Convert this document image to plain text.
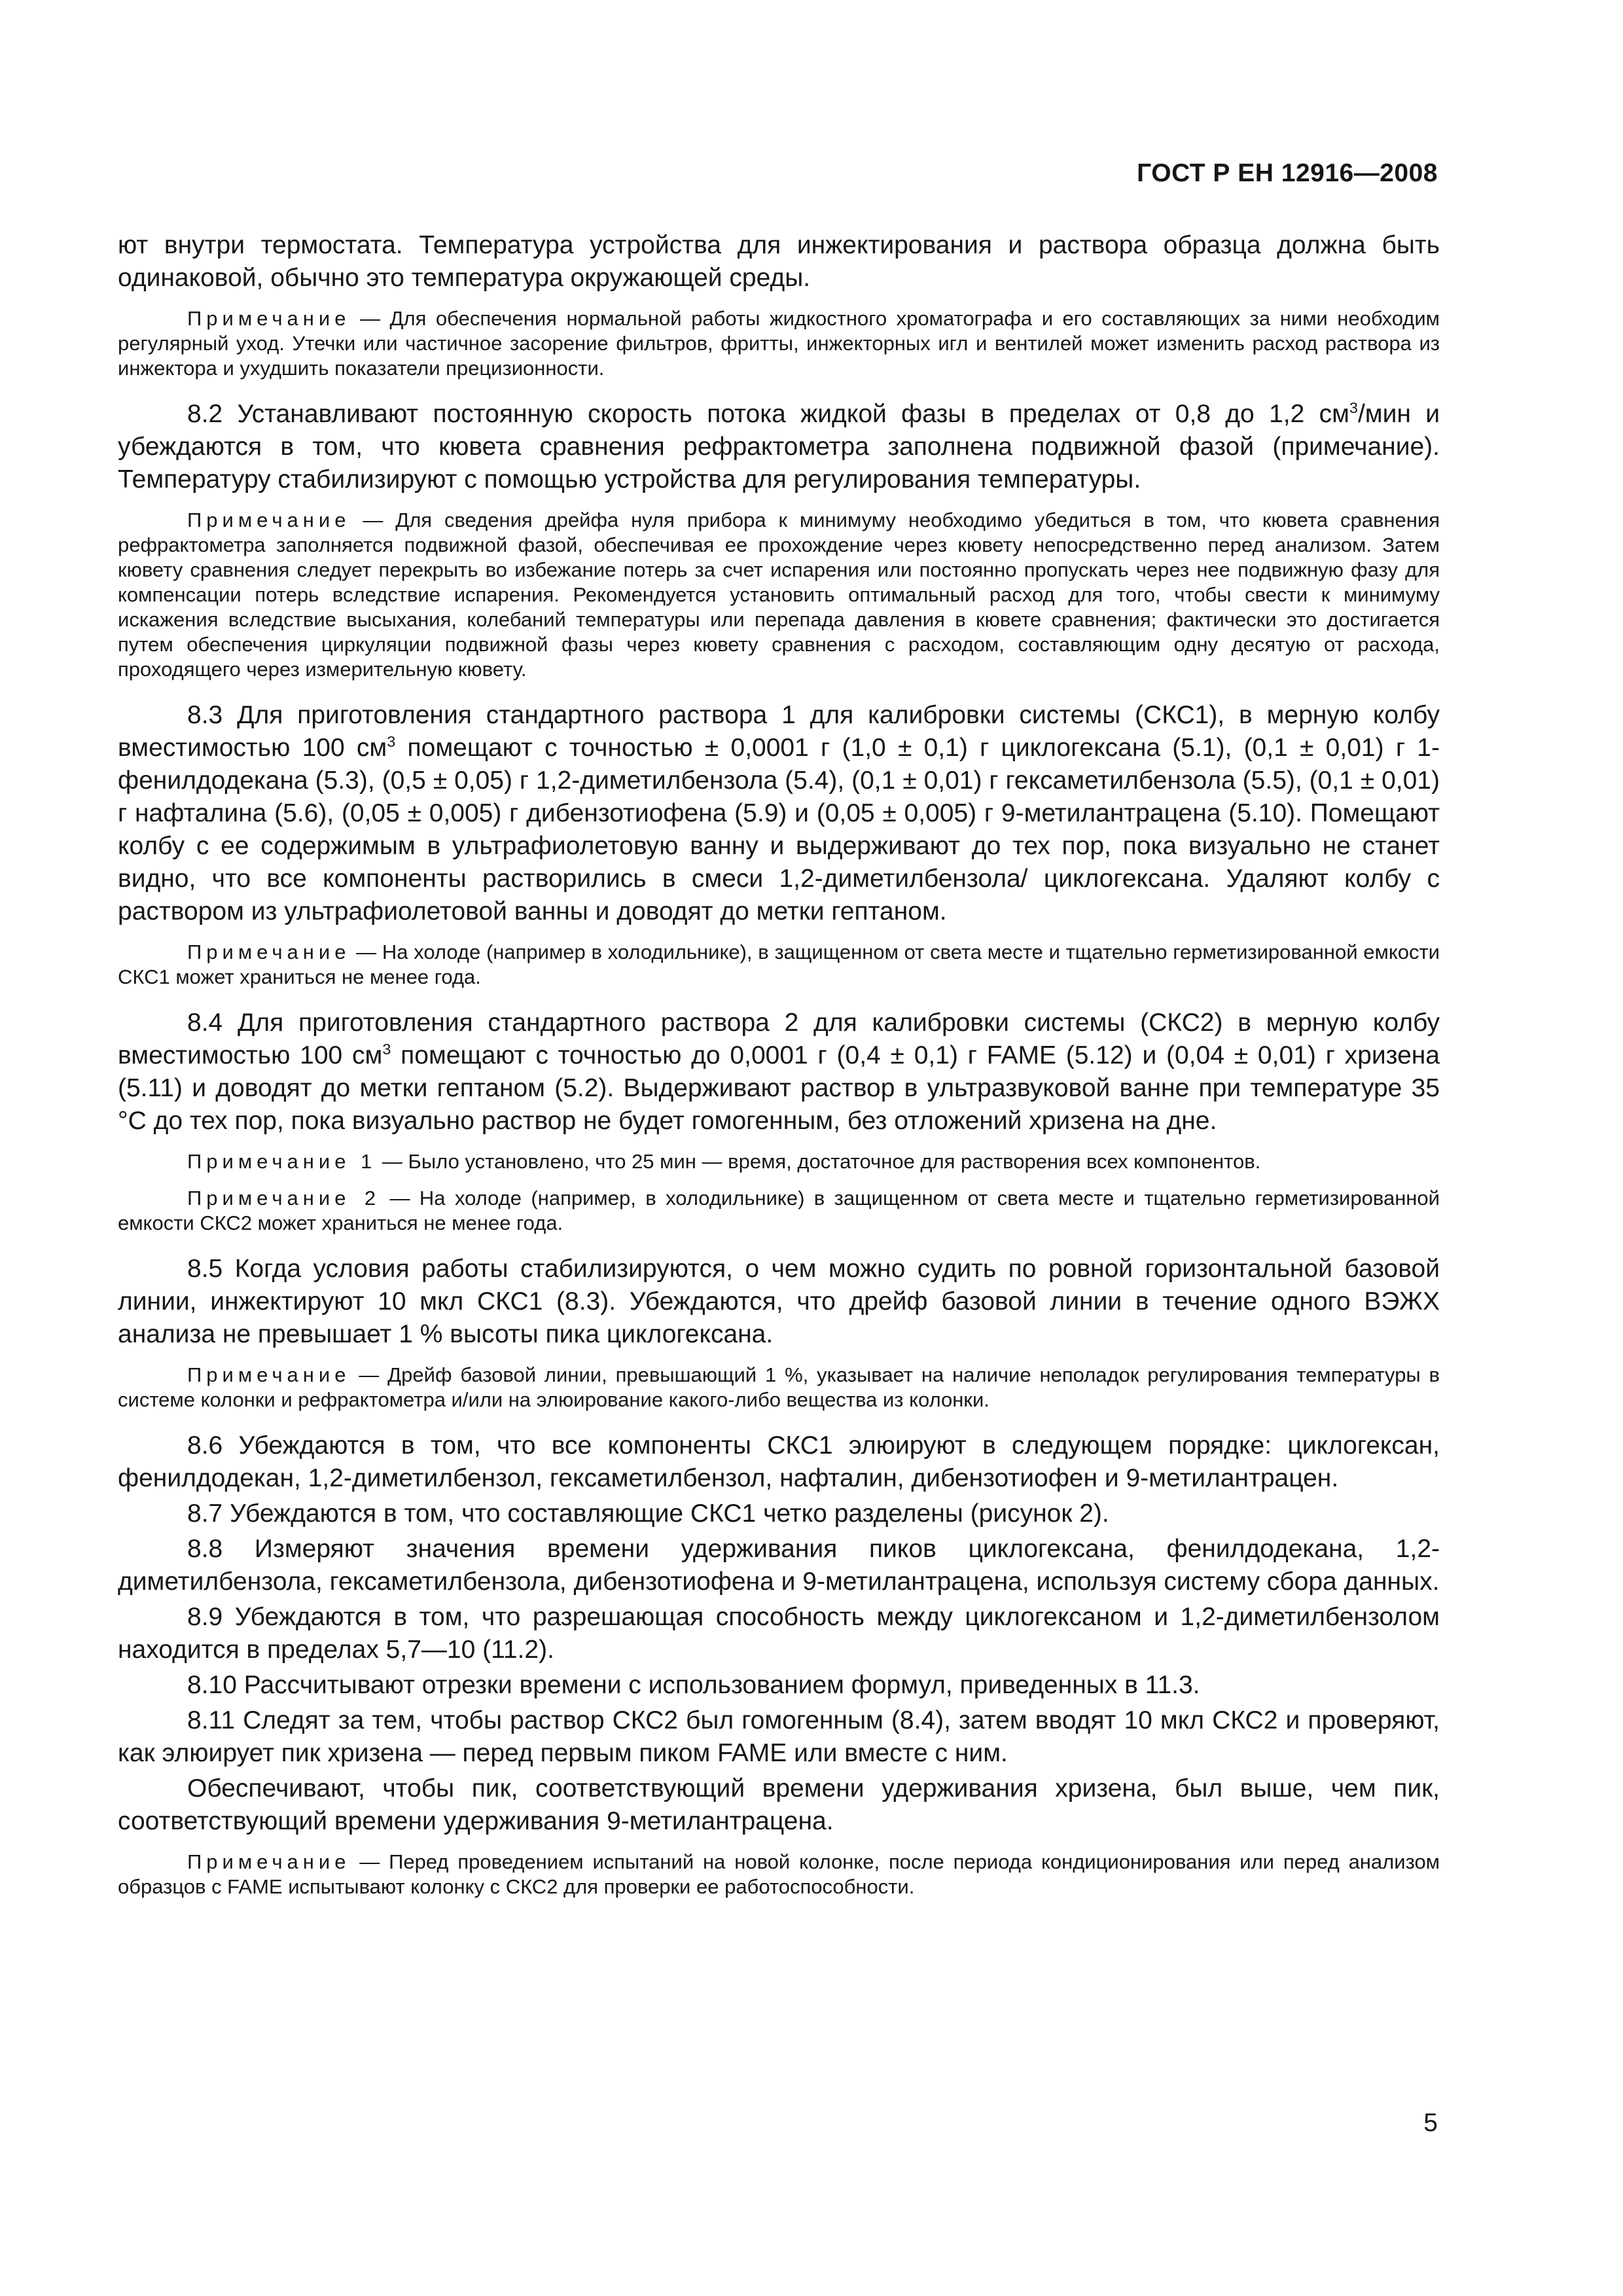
ГОСТ Р ЕН 12916—2008

ют внутри термостата. Температура устройства для инжектирования и раствора образца должна быть одинаковой, обычно это температура окружающей среды.

Примечание — Для обеспечения нормальной работы жидкостного хроматографа и его составляющих за ними необходим регулярный уход. Утечки или частичное засорение фильтров, фритты, инжекторных игл и вентилей может изменить расход раствора из инжектора и ухудшить показатели прецизионности.

8.2 Устанавливают постоянную скорость потока жидкой фазы в пределах от 0,8 до 1,2 $см^3$/мин и убеждаются в том, что кювета сравнения рефрактометра заполнена подвижной фазой (примечание). Температуру стабилизируют с помощью устройства для регулирования температуры.

Примечание — Для сведения дрейфа нуля прибора к минимуму необходимо убедиться в том, что кювета сравнения рефрактометра заполняется подвижной фазой, обеспечивая ее прохождение через кювету непосредственно перед анализом. Затем кювету сравнения следует перекрыть во избежание потерь за счет испарения или постоянно пропускать через нее подвижную фазу для компенсации потерь вследствие испарения. Рекомендуется установить оптимальный расход для того, чтобы свести к минимуму искажения вследствие высыхания, колебаний температуры или перепада давления в кювете сравнения; фактически это достигается путем обеспечения циркуляции подвижной фазы через кювету сравнения с расходом, составляющим одну десятую от расхода, проходящего через измерительную кювету.

8.3 Для приготовления стандартного раствора 1 для калибровки системы (СКС1), в мерную колбу вместимостью 100 $см^3$ помещают с точностью ± 0,0001 г (1,0 ± 0,1) г циклогексана (5.1), (0,1 ± 0,01) г 1-фенилдодекана (5.3), (0,5 ± 0,05) г 1,2-диметилбензола (5.4), (0,1 ± 0,01) г гексаметилбензола (5.5), (0,1 ± 0,01) г нафталина (5.6), (0,05 ± 0,005) г дибензотиофена (5.9) и (0,05 ± 0,005) г 9-метилантрацена (5.10). Помещают колбу с ее содержимым в ультрафиолетовую ванну и выдерживают до тех пор, пока визуально не станет видно, что все компоненты растворились в смеси 1,2-диметилбензола/ циклогексана. Удаляют колбу с раствором из ультрафиолетовой ванны и доводят до метки гептаном.

Примечание — На холоде (например в холодильнике), в защищенном от света месте и тщательно герметизированной емкости СКС1 может храниться не менее года.

8.4 Для приготовления стандартного раствора 2 для калибровки системы (СКС2) в мерную колбу вместимостью 100 $см^3$ помещают с точностью до 0,0001 г (0,4 ± 0,1) г FAME (5.12) и (0,04 ± 0,01) г хризена (5.11) и доводят до метки гептаном (5.2). Выдерживают раствор в ультразвуковой ванне при температуре 35 °С до тех пор, пока визуально раствор не будет гомогенным, без отложений хризена на дне.

Примечание 1 — Было установлено, что 25 мин — время, достаточное для растворения всех компонентов.

Примечание 2 — На холоде (например, в холодильнике) в защищенном от света месте и тщательно герметизированной емкости СКС2 может храниться не менее года.

8.5 Когда условия работы стабилизируются, о чем можно судить по ровной горизонтальной базовой линии, инжектируют 10 мкл СКС1 (8.3). Убеждаются, что дрейф базовой линии в течение одного ВЭЖХ анализа не превышает 1 % высоты пика циклогексана.

Примечание — Дрейф базовой линии, превышающий 1 %, указывает на наличие неполадок регулирования температуры в системе колонки и рефрактометра и/или на элюирование какого-либо вещества из колонки.

8.6 Убеждаются в том, что все компоненты СКС1 элюируют в следующем порядке: циклогексан, фенилдодекан, 1,2-диметилбензол, гексаметилбензол, нафталин, дибензотиофен и 9-метилантрацен.

8.7 Убеждаются в том, что составляющие СКС1 четко разделены (рисунок 2).

8.8 Измеряют значения времени удерживания пиков циклогексана, фенилдодекана, 1,2-диметилбензола, гексаметилбензола, дибензотиофена и 9-метилантрацена, используя систему сбора данных.

8.9 Убеждаются в том, что разрешающая способность между циклогексаном и 1,2-диметилбензолом находится в пределах 5,7—10 (11.2).

8.10 Рассчитывают отрезки времени с использованием формул, приведенных в 11.3.

8.11 Следят за тем, чтобы раствор СКС2 был гомогенным (8.4), затем вводят 10 мкл СКС2 и проверяют, как элюирует пик хризена — перед первым пиком FAME или вместе с ним.

Обеспечивают, чтобы пик, соответствующий времени удерживания хризена, был выше, чем пик, соответствующий времени удерживания 9-метилантрацена.

Примечание — Перед проведением испытаний на новой колонке, после периода кондиционирования или перед анализом образцов с FAME испытывают колонку с СКС2 для проверки ее работоспособности.

5
